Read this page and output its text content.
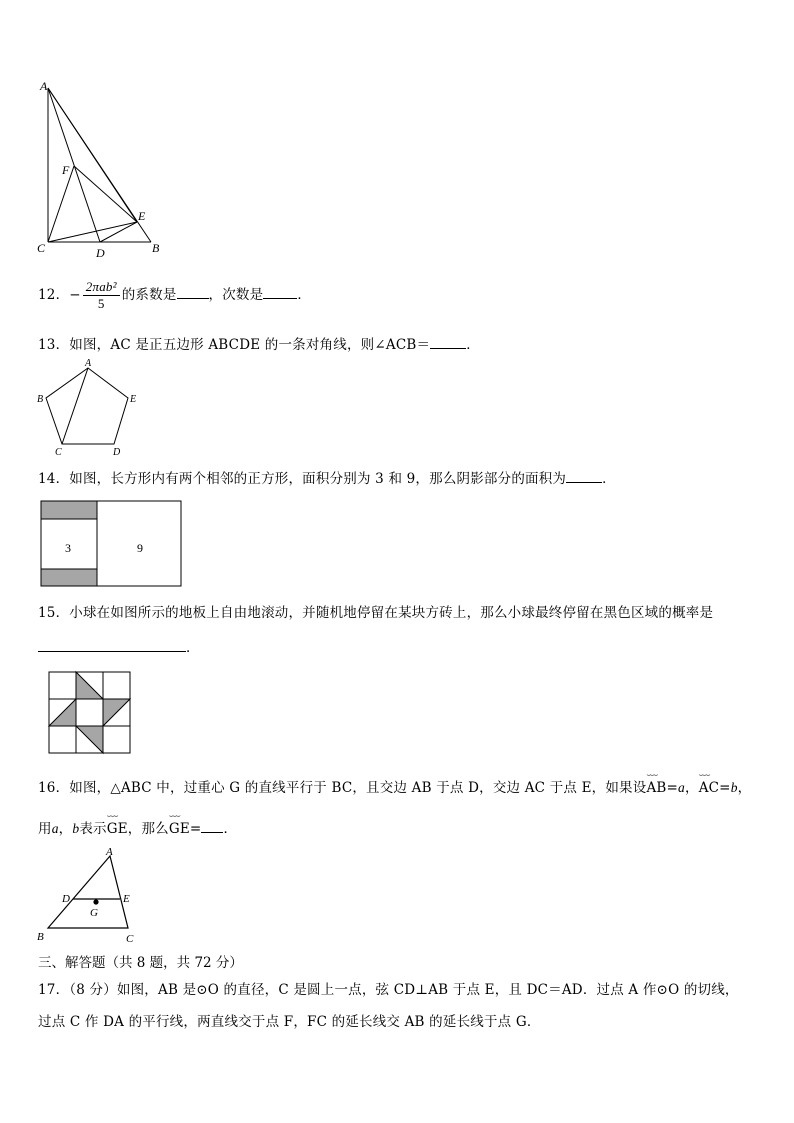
A
F
E
C	D	B
12．− $\frac{\text{2πab²}}{5}$ 的系数是 ，次数是	．
13．如图，AC 是正五边形 ABCDE 的一条对角线，则∠ACB＝	．
A
B	E
C	D
14．如图，长方形内有两个相邻的正方形，面积分别为 3 和 9，那么阴影部分的面积为	．
3	9
15．小球在如图所示的地板上自由地滚动，并随机地停留在某块方砖上，那么小球最终停留在黑色区域的概率是
．
16．如图，△ABC 中，过重心 G 的直线平行于 BC，且交边 AB 于点 D，交边 AC 于点 E，如果设⌣⌣⌣ AB=a，⌣⌣⌣ AC=b，
用a，b表示⌣⌣⌣ GE，那么⌣⌣⌣ GE= ．
A
D	E
G
B	C
三、解答题（共 8 题，共 72 分）
17．（8 分）如图，AB 是⊙O 的直径，C 是圆上一点，弦 CD⊥AB 于点 E，且 DC＝AD．过点 A 作⊙O 的切线，
过点 C 作 DA 的平行线，两直线交于点 F，FC 的延长线交 AB 的延长线于点 G．
